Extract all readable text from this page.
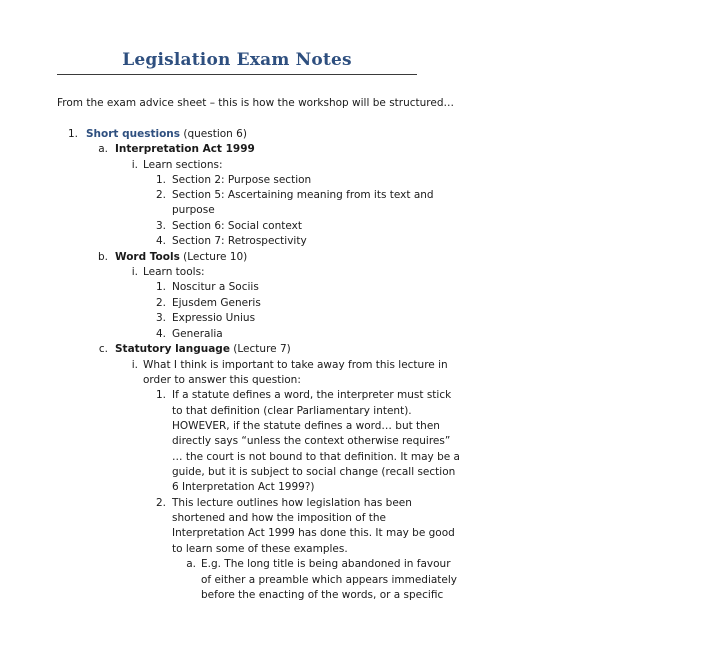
Legislation Exam Notes
From the exam advice sheet – this is how the workshop will be structured…
1. Short questions (question 6)
a. Interpretation Act 1999
i. Learn sections:
1. Section 2: Purpose section
2. Section 5: Ascertaining meaning from its text and
purpose
3. Section 6: Social context
4. Section 7: Retrospectivity
b. Word Tools (Lecture 10)
i. Learn tools:
1. Noscitur a Sociis
2. Ejusdem Generis
3. Expressio Unius
4. Generalia
c. Statutory language (Lecture 7)
i. What I think is important to take away from this lecture in
order to answer this question:
1. If a statute defines a word, the interpreter must stick
to that definition (clear Parliamentary intent).
HOWEVER, if the statute defines a word… but then
directly says “unless the context otherwise requires”
… the court is not bound to that definition. It may be a
guide, but it is subject to social change (recall section
6 Interpretation Act 1999?)
2. This lecture outlines how legislation has been
shortened and how the imposition of the
Interpretation Act 1999 has done this. It may be good
to learn some of these examples.
a. E.g. The long title is being abandoned in favour
of either a preamble which appears immediately
before the enacting of the words, or a specific
